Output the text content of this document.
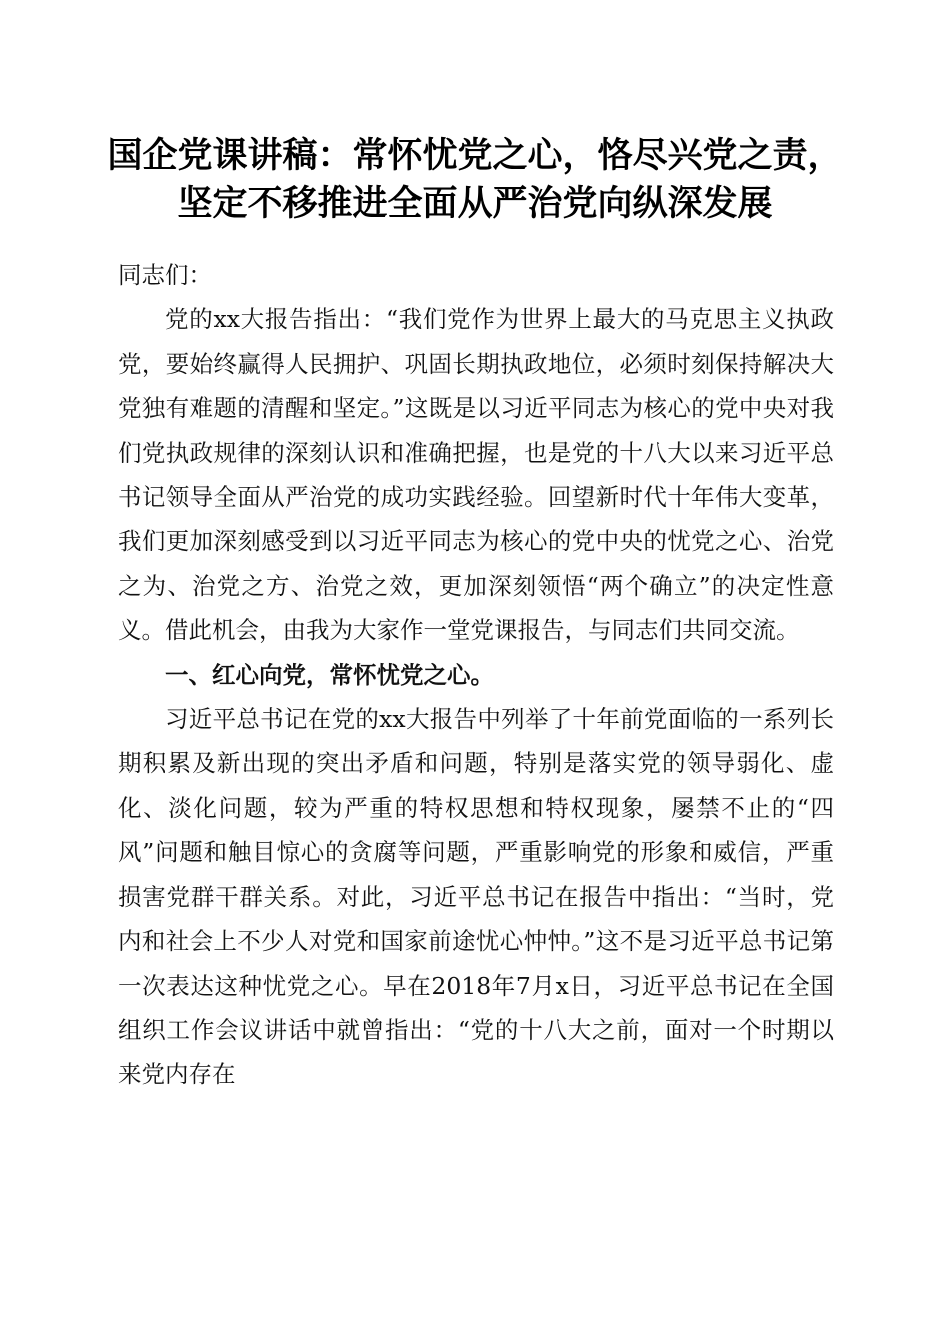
国企党课讲稿：常怀忧党之心，恪尽兴党之责，
坚定不移推进全面从严治党向纵深发展

同志们：

党的xx大报告指出：“我们党作为世界上最大的马克思主义执政党，要始终赢得人民拥护、巩固长期执政地位，必须时刻保持解决大党独有难题的清醒和坚定。”这既是以习近平同志为核心的党中央对我们党执政规律的深刻认识和准确把握，也是党的十八大以来习近平总书记领导全面从严治党的成功实践经验。回望新时代十年伟大变革，我们更加深刻感受到以习近平同志为核心的党中央的忧党之心、治党之为、治党之方、治党之效，更加深刻领悟“两个确立”的决定性意义。借此机会，由我为大家作一堂党课报告，与同志们共同交流。

一、红心向党，常怀忧党之心。

习近平总书记在党的xx大报告中列举了十年前党面临的一系列长期积累及新出现的突出矛盾和问题，特别是落实党的领导弱化、虚化、淡化问题，较为严重的特权思想和特权现象，屡禁不止的“四风”问题和触目惊心的贪腐等问题，严重影响党的形象和威信，严重损害党群干群关系。对此，习近平总书记在报告中指出：“当时，党内和社会上不少人对党和国家前途忧心忡忡。”这不是习近平总书记第一次表达这种忧党之心。早在2018年7月x日，习近平总书记在全国组织工作会议讲话中就曾指出：“党的十八大之前，面对一个时期以来党内存在
